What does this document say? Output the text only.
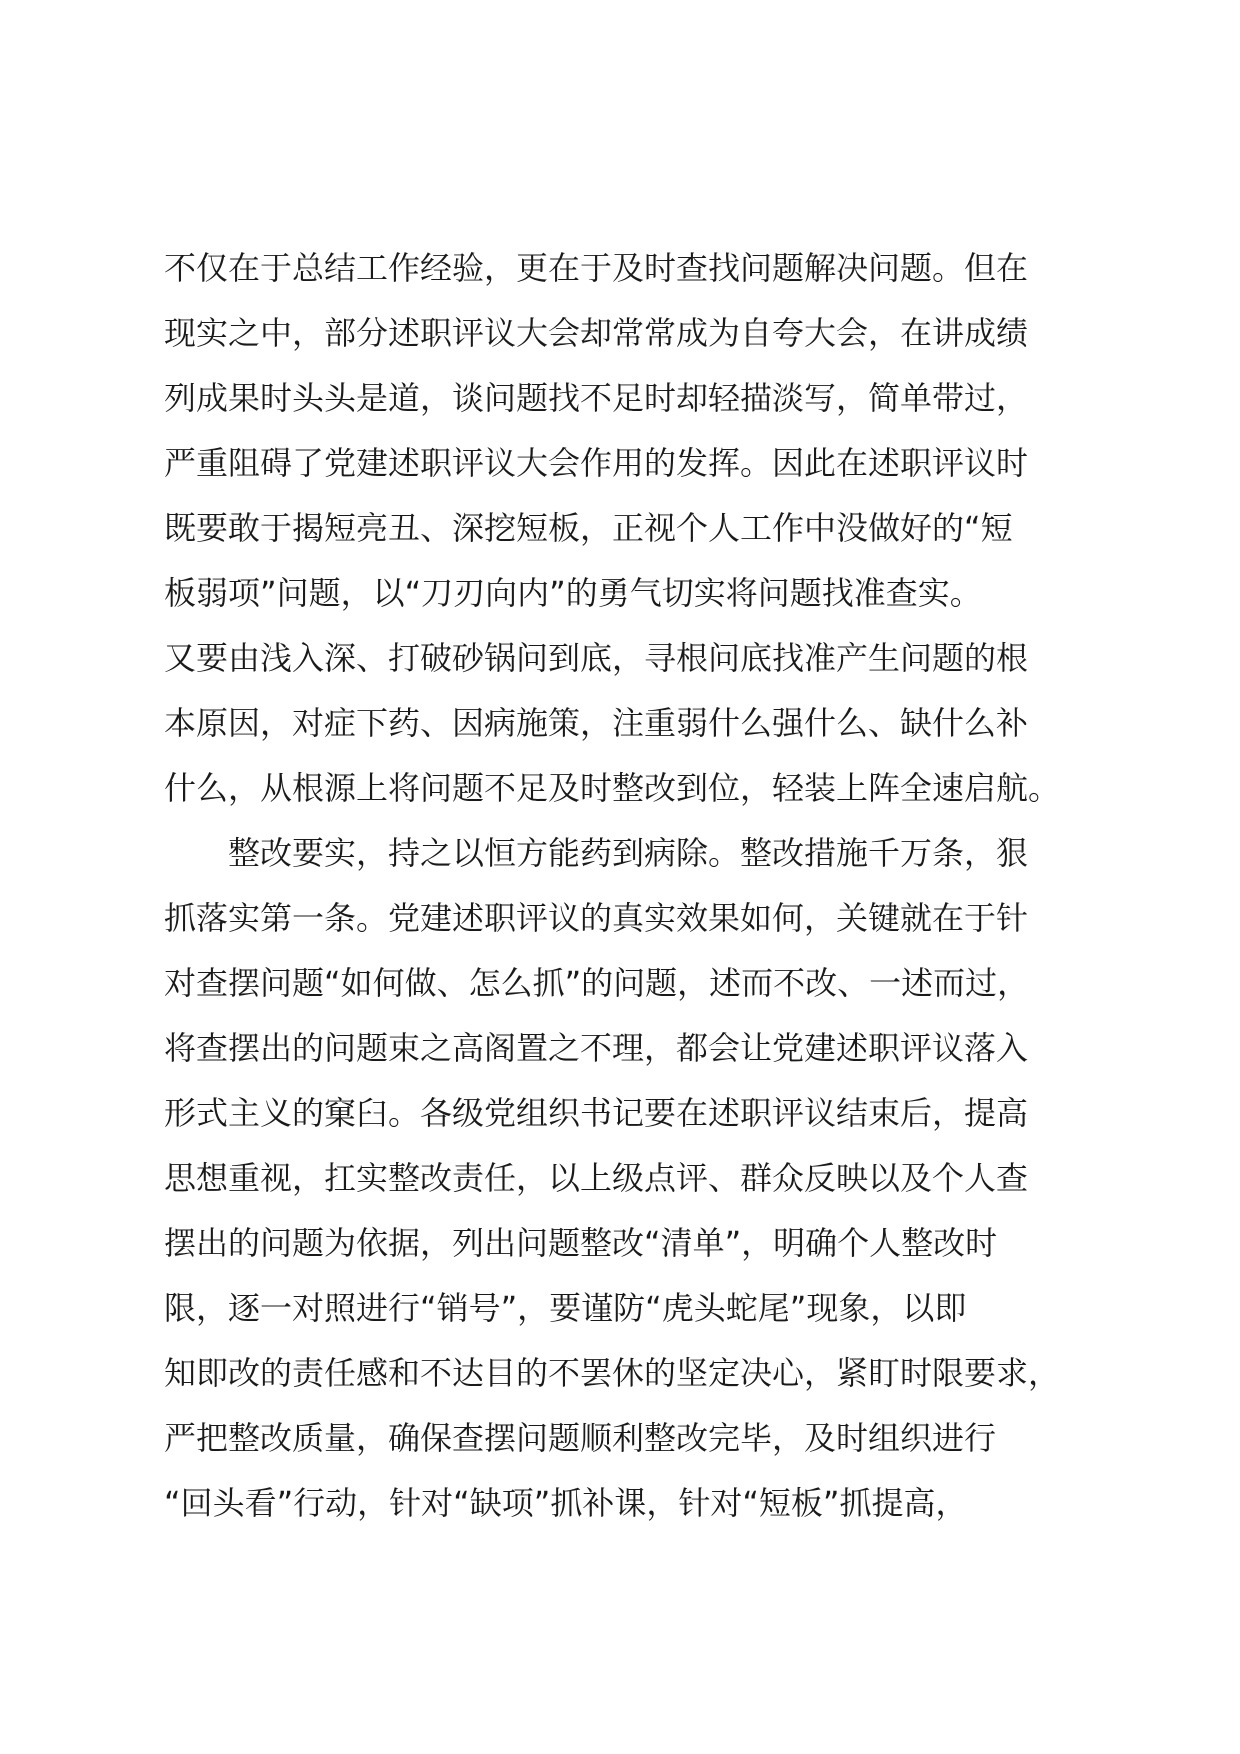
不仅在于总结工作经验，更在于及时查找问题解决问题。但在
现实之中，部分述职评议大会却常常成为自夸大会，在讲成绩
列成果时头头是道，谈问题找不足时却轻描淡写，简单带过，
严重阻碍了党建述职评议大会作用的发挥。因此在述职评议时
既要敢于揭短亮丑、深挖短板，正视个人工作中没做好的“短
板弱项”问题，以“刀刃向内”的勇气切实将问题找准查实。
又要由浅入深、打破砂锅问到底，寻根问底找准产生问题的根
本原因，对症下药、因病施策，注重弱什么强什么、缺什么补
什么，从根源上将问题不足及时整改到位，轻装上阵全速启航。
整改要实，持之以恒方能药到病除。整改措施千万条，狠
抓落实第一条。党建述职评议的真实效果如何，关键就在于针
对查摆问题“如何做、怎么抓”的问题，述而不改、一述而过，
将查摆出的问题束之高阁置之不理，都会让党建述职评议落入
形式主义的窠臼。各级党组织书记要在述职评议结束后，提高
思想重视，扛实整改责任，以上级点评、群众反映以及个人查
摆出的问题为依据，列出问题整改“清单”，明确个人整改时
限，逐一对照进行“销号”，要谨防“虎头蛇尾”现象，以即
知即改的责任感和不达目的不罢休的坚定决心，紧盯时限要求，
严把整改质量，确保查摆问题顺利整改完毕，及时组织进行
“回头看”行动，针对“缺项”抓补课，针对“短板”抓提高，
